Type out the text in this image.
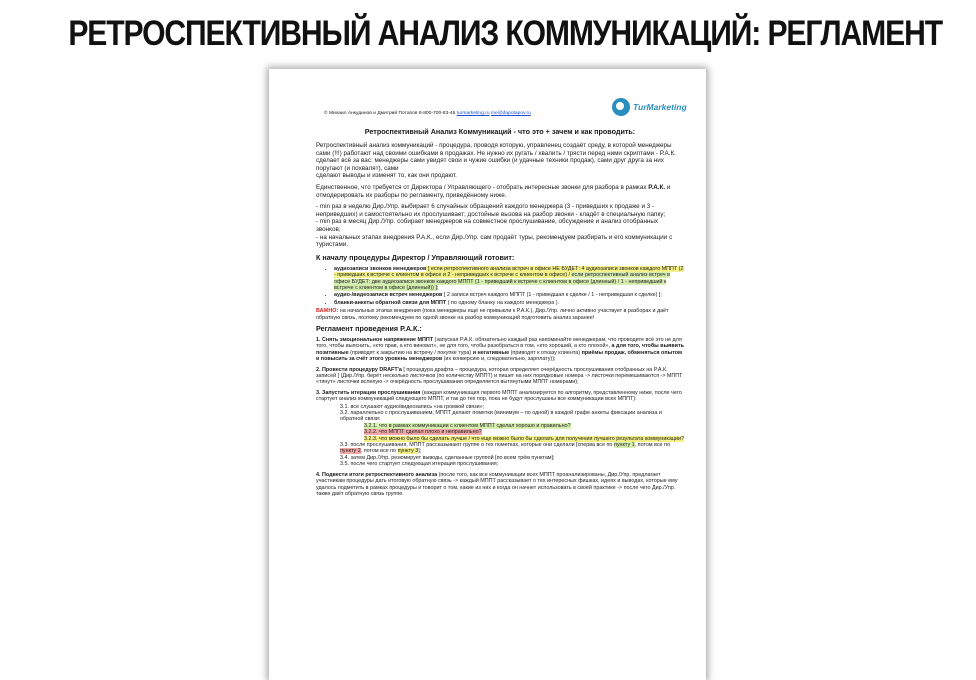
РЕТРОСПЕКТИВНЫЙ АНАЛИЗ КОММУНИКАЦИЙ: РЕГЛАМЕНТ
© Михаил Анкудинов и Дмитрий Потапов 8-800-700-83-46 turmarketing.ru me@dapotapov.ru
TurMarketing
Ретроспективный Анализ Коммуникаций - что это + зачем и как проводить:

Ретроспективный анализ коммуникаций - процедура, проводя которую, управленец создаёт среду, в которой менеджеры сами (!!!) работают над своими ошибками в продажах. Не нужно их ругать / хвалить / трясти перед ними скриптами - Р.А.К. сделает всё за вас: менеджеры сами увидят свои и чужие ошибки (и удачные техники продаж), сами друг друга за них поругают (и похвалят), сами
сделают выводы и изменят то, как они продают.

Единственное, что требуется от Директора / Управляющего - отобрать интересные звонки для разбора в рамках Р.А.К. и отмодерировать их разборы по регламенту, приведённому ниже.

- min раз в неделю Дир./Упр. выбирает 6 случайных обращений каждого менеджера (3 - приведших к продаже и 3 - неприведших) и самостоятельно их прослушивает; достойные вызова на разбор звонки - кладёт в специальную папку;
- min раз в месяц Дир./Упр. собирает менеджеров на совместное прослушивание, обсуждение и анализ отобранных звонков;
- на начальных этапах внедрения Р.А.К., если Дир./Упр. сам продаёт туры, рекомендуем разбирать и его коммуникации с туристами.
К началу процедуры Директор / Управляющий готовит:
• аудиозаписи звонков менеджеров [ если ретроспективного анализа встреч в офисе НЕ БУДЕТ: 4 аудиозаписи звонков каждого МППТ (2 - приведших к встрече с клиентом в офисе и 2 - неприведших к встрече с клиентом в офисе) / если ретроспективный анализ встреч в офисе БУДЕТ: две аудиозаписи звонков каждого МППТ (1 - приведший к встрече с клиентом в офисе (длинный) / 1 - неприведший к встрече с клиентом в офисе (длинный)) ];
• аудио-/видеозаписи встреч менеджеров [ 2 записи встреч каждого МППТ (1 - приведшая к сделке / 1 - неприведшая к сделке) ];
• бланки-анкеты обратной связи для МППТ ( по одному бланку на каждого менеджера ).
ВАЖНО: на начальных этапах внедрения (пока менеджеры ещё не привыкли к Р.А.К.), Дир./Упр. лично активно участвует в разборах и даёт обратную связь, поэтому рекомендуем по одной звонке на разбор коммуникаций подготовить анализ заранее!
Регламент проведения Р.А.К.:
1. Снять эмоциональное напряжение МППТ (запуская Р.А.К. обязательно каждый раз напоминайте менеджерам, что проводите всё это не для того, чтобы выяснить, «кто прав, а кто виноват», не для того, чтобы разобраться в том, «кто хороший, а кто плохой», а для того, чтобы выявить позитивные (приводят к закрытию на встречу / покупке тура) и негативные (приводят к отказу клиента) приёмы продаж, обменяться опытом и повысить за счёт этого уровень менеджеров (их конверсию и, следовательно, зарплату));
2. Провести процедуру DRAFT'а [ процедура драфта – процедура, которая определяет очерёдность прослушивания отобранных на Р.А.К. записей ] (Дир./Упр. берёт несколько листочков (по количеству МППТ) и пишет на них порядковые номера -> листочки перемешиваются -> МППТ «тянут» листочки вслепую -> очерёдность прослушивания определяется вытянутыми МППТ номерами);
3. Запустить итерации прослушивания (каждая коммуникация первого МППТ анализируется по алгоритму, представленному ниже, после чего стартует анализ коммуникаций следующего МППТ, и так до тех пор, пока не будут прослушаны все коммуникации всех МППТ):
3.1. все слушают аудио/видеозапись «на громкой связи»;
3.2. параллельно с прослушиванием, МППТ делают пометки (минимум – по одной) в каждой графе анкеты фиксации анализа и обратной связи:
3.2.1. что в рамках коммуникации с клиентом МППТ сделал хорошо и правильно?
3.2.2. что МППТ сделал плохо и неправильно?
3.2.3. что можно было бы сделать лучше / что еще можно было бы сделать для получения лучшего результата коммуникации?
3.3. после прослушивания, МППТ рассказывают группе о тех пометках, которые они сделали [сперва все по пункту 1, потом все по пункту 2, потом все по пункту 3];
3.4. затем Дир./Упр. резюмирует выводы, сделанные группой [по всем трём пунктам];
3.5. после чего стартует следующая итерация прослушивания;
4. Подвести итоги ретроспективного анализа (после того, как все коммуникации всех МППТ проанализированы, Дир./Упр. предлагает участникам процедуры дать итоговую обратную связь -> каждый МППТ рассказывает о тех интересных фишках, идеях и выводах, которые ему удалось подметить в рамках процедуры и говорит о том, какие из них и когда он начнет использовать в своей практике -> после чего Дир./Упр. также даёт обратную связь группе.
